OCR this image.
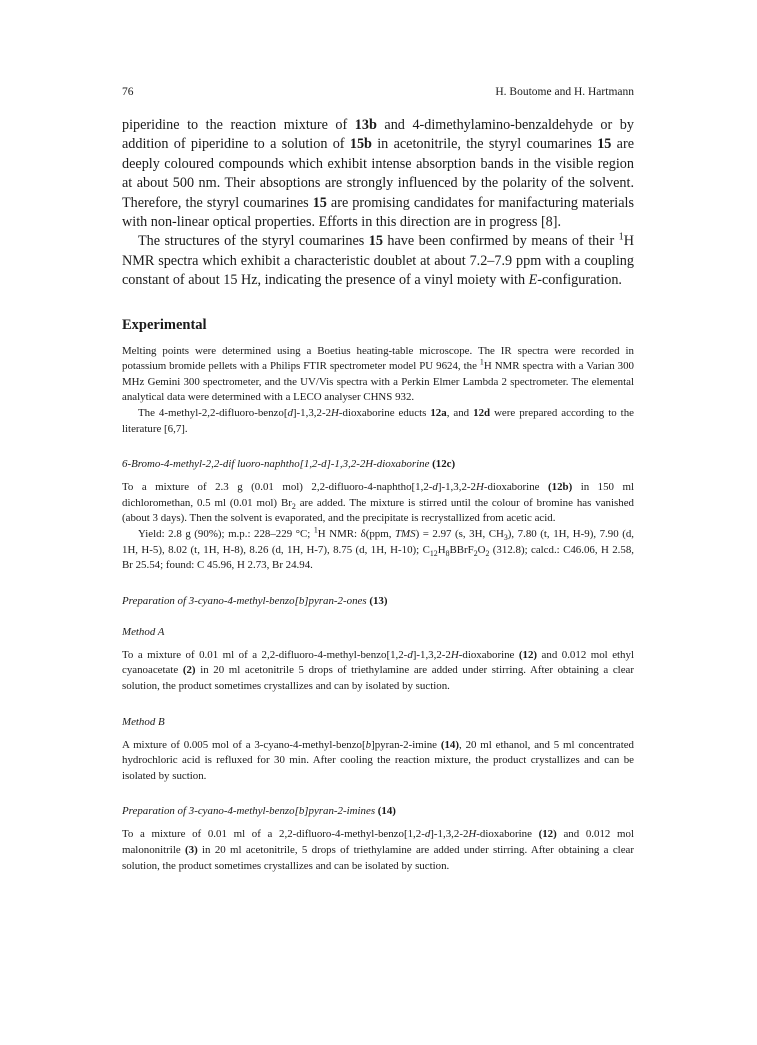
76	H. Boutome and H. Hartmann

piperidine to the reaction mixture of 13b and 4-dimethylamino-benzaldehyde or by addition of piperidine to a solution of 15b in acetonitrile, the styryl coumarines 15 are deeply coloured compounds which exhibit intense absorption bands in the visible region at about 500 nm. Their absoptions are strongly influenced by the polarity of the solvent. Therefore, the styryl coumarines 15 are promising candidates for manifacturing materials with non-linear optical properties. Efforts in this direction are in progress [8].

The structures of the styryl coumarines 15 have been confirmed by means of their $^1$H NMR spectra which exhibit a characteristic doublet at about 7.2–7.9 ppm with a coupling constant of about 15 Hz, indicating the presence of a vinyl moiety with E-configuration.

Experimental

Melting points were determined using a Boetius heating-table microscope. The IR spectra were recorded in potassium bromide pellets with a Philips FTIR spectrometer model PU 9624, the $^1$H NMR spectra with a Varian 300 MHz Gemini 300 spectrometer, and the UV/Vis spectra with a Perkin Elmer Lambda 2 spectrometer. The elemental analytical data were determined with a LECO analyser CHNS 932.

The 4-methyl-2,2-difluoro-benzo[d]-1,3,2-2H-dioxaborine educts 12a, and 12d were prepared according to the literature [6,7].

6-Bromo-4-methyl-2,2-dif luoro-naphtho[1,2-d]-1,3,2-2H-dioxaborine (12c)

To a mixture of 2.3 g (0.01 mol) 2,2-difluoro-4-naphtho[1,2-d]-1,3,2-2H-dioxaborine (12b) in 150 ml dichloromethan, 0.5 ml (0.01 mol) $Br_2$ are added. The mixture is stirred until the colour of bromine has vanished (about 3 days). Then the solvent is evaporated, and the precipitate is recrystallized from acetic acid.

Yield: 2.8 g (90%); m.p.: 228–229 °C; $^1$H NMR: δ(ppm, TMS) = 2.97 (s, 3H, $CH_3$), 7.80 (t, 1H, H-9), 7.90 (d, 1H, H-5), 8.02 (t, 1H, H-8), 8.26 (d, 1H, H-7), 8.75 (d, 1H, H-10); $C_{12}H_8BBrF_2O_2$ (312.8); calcd.: C46.06, H 2.58, Br 25.54; found: C 45.96, H 2.73, Br 24.94.

Preparation of 3-cyano-4-methyl-benzo[b]pyran-2-ones (13)
Method A

To a mixture of 0.01 ml of a 2,2-difluoro-4-methyl-benzo[1,2-d]-1,3,2-2H-dioxaborine (12) and 0.012 mol ethyl cyanoacetate (2) in 20 ml acetonitrile 5 drops of triethylamine are added under stirring. After obtaining a clear solution, the product sometimes crystallizes and can by isolated by suction.

Method B

A mixture of 0.005 mol of a 3-cyano-4-methyl-benzo[b]pyran-2-imine (14), 20 ml ethanol, and 5 ml concentrated hydrochloric acid is refluxed for 30 min. After cooling the reaction mixture, the product crystallizes and can be isolated by suction.

Preparation of 3-cyano-4-methyl-benzo[b]pyran-2-imines (14)

To a mixture of 0.01 ml of a 2,2-difluoro-4-methyl-benzo[1,2-d]-1,3,2-2H-dioxaborine (12) and 0.012 mol malononitrile (3) in 20 ml acetonitrile, 5 drops of triethylamine are added under stirring. After obtaining a clear solution, the product sometimes crystallizes and can be isolated by suction.
